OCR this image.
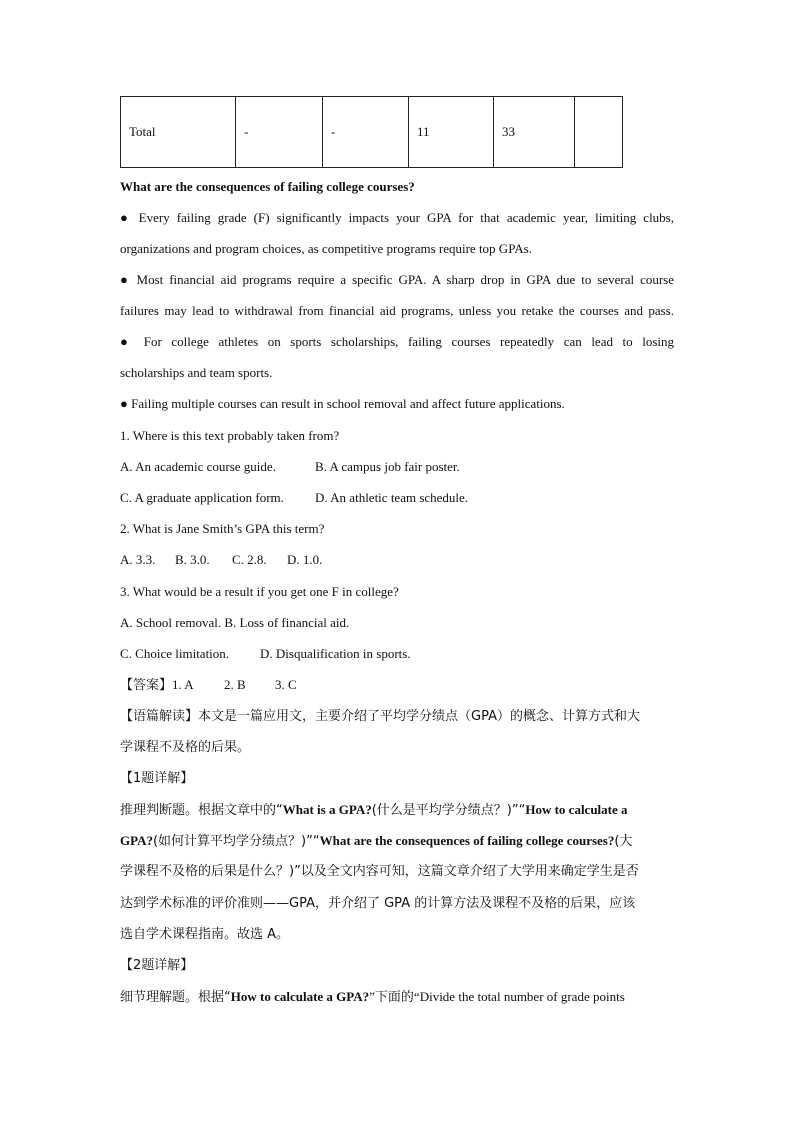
Total	-	-	11	33	
What are the consequences of failing college courses?
● Every failing grade (F) significantly impacts your GPA for that academic year, limiting clubs,
organizations and program choices, as competitive programs require top GPAs.
● Most financial aid programs require a specific GPA. A sharp drop in GPA due to several course
failures may lead to withdrawal from financial aid programs, unless you retake the courses and pass.
● For college athletes on sports scholarships, failing courses repeatedly can lead to losing
scholarships and team sports.
● Failing multiple courses can result in school removal and affect future applications.
1. Where is this text probably taken from?
A. An academic course guide.	B. A campus job fair poster.
C. A graduate application form. D. An athletic team schedule.
2. What is Jane Smith’s GPA this term?
A. 3.3. B. 3.0. C. 2.8. D. 1.0.
3. What would be a result if you get one F in college?
A. School removal. B. Loss of financial aid.
C. Choice limitation. D. Disqualification in sports.
【答案】1. A 2. B 3. C
【语篇解读】本文是一篇应用文，主要介绍了平均学分绩点（GPA）的概念、计算方式和大
学课程不及格的后果。
【1题详解】
推理判断题。根据文章中的“What is a GPA?(什么是平均学分绩点？)”“How to calculate a
GPA?(如何计算平均学分绩点？)”“What are the consequences of failing college courses?(大
学课程不及格的后果是什么？)”以及全文内容可知，这篇文章介绍了大学用来确定学生是否
达到学术标准的评价准则——GPA，并介绍了 GPA 的计算方法及课程不及格的后果，应该
选自学术课程指南。故选 A。
【2题详解】
细节理解题。根据“How to calculate a GPA?”下面的“Divide the total number of grade points
